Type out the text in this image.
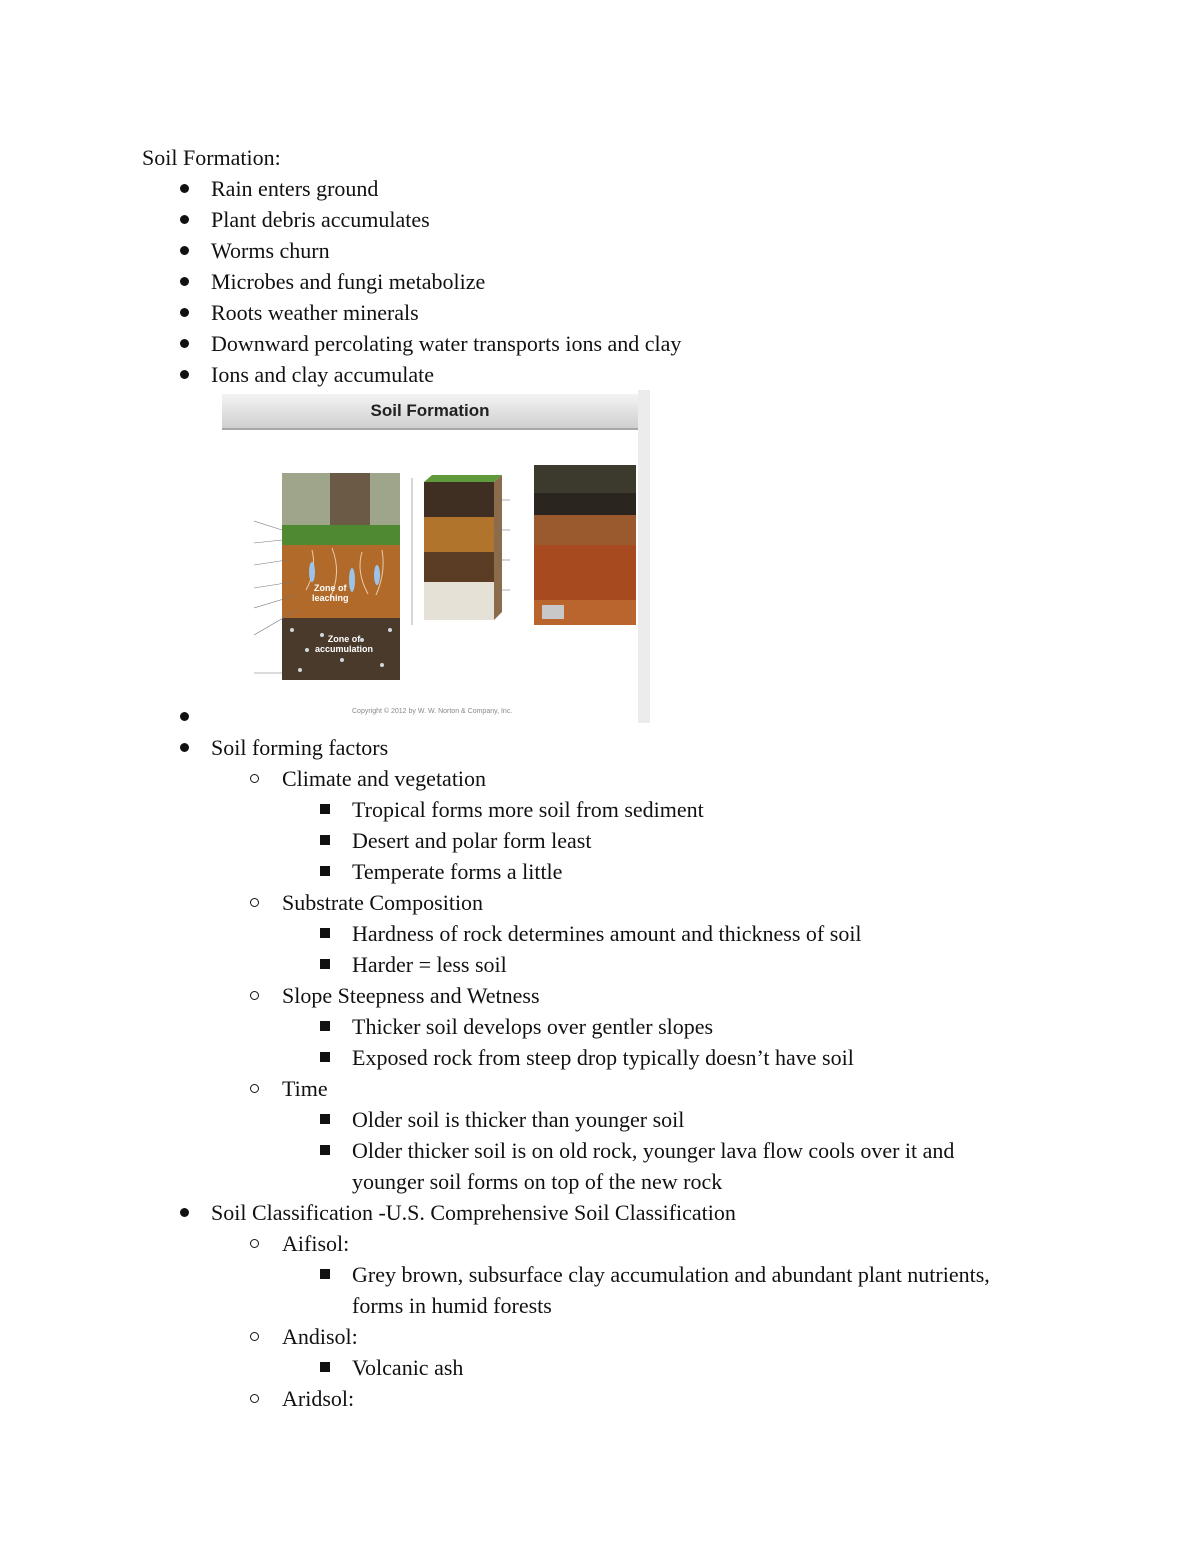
Soil Formation:
Rain enters ground
Plant debris accumulates
Worms churn
Microbes and fungi metabolize
Roots weather minerals
Downward percolating water transports ions and clay
Ions and clay accumulate
Soil Formation
Zone of
leaching
Zone of
accumulation
Copyright © 2012 by W. W. Norton & Company, Inc.
Soil forming factors
Climate and vegetation
Tropical forms more soil from sediment
Desert and polar form least
Temperate forms a little
Substrate Composition
Hardness of rock determines amount and thickness of soil
Harder = less soil
Slope Steepness and Wetness
Thicker soil develops over gentler slopes
Exposed rock from steep drop typically doesn’t have soil
Time
Older soil is thicker than younger soil
Older thicker soil is on old rock, younger lava flow cools over it and
younger soil forms on top of the new rock
Soil Classification -U.S. Comprehensive Soil Classification
Aifisol:
Grey brown, subsurface clay accumulation and abundant plant nutrients,
forms in humid forests
Andisol:
Volcanic ash
Aridsol:
